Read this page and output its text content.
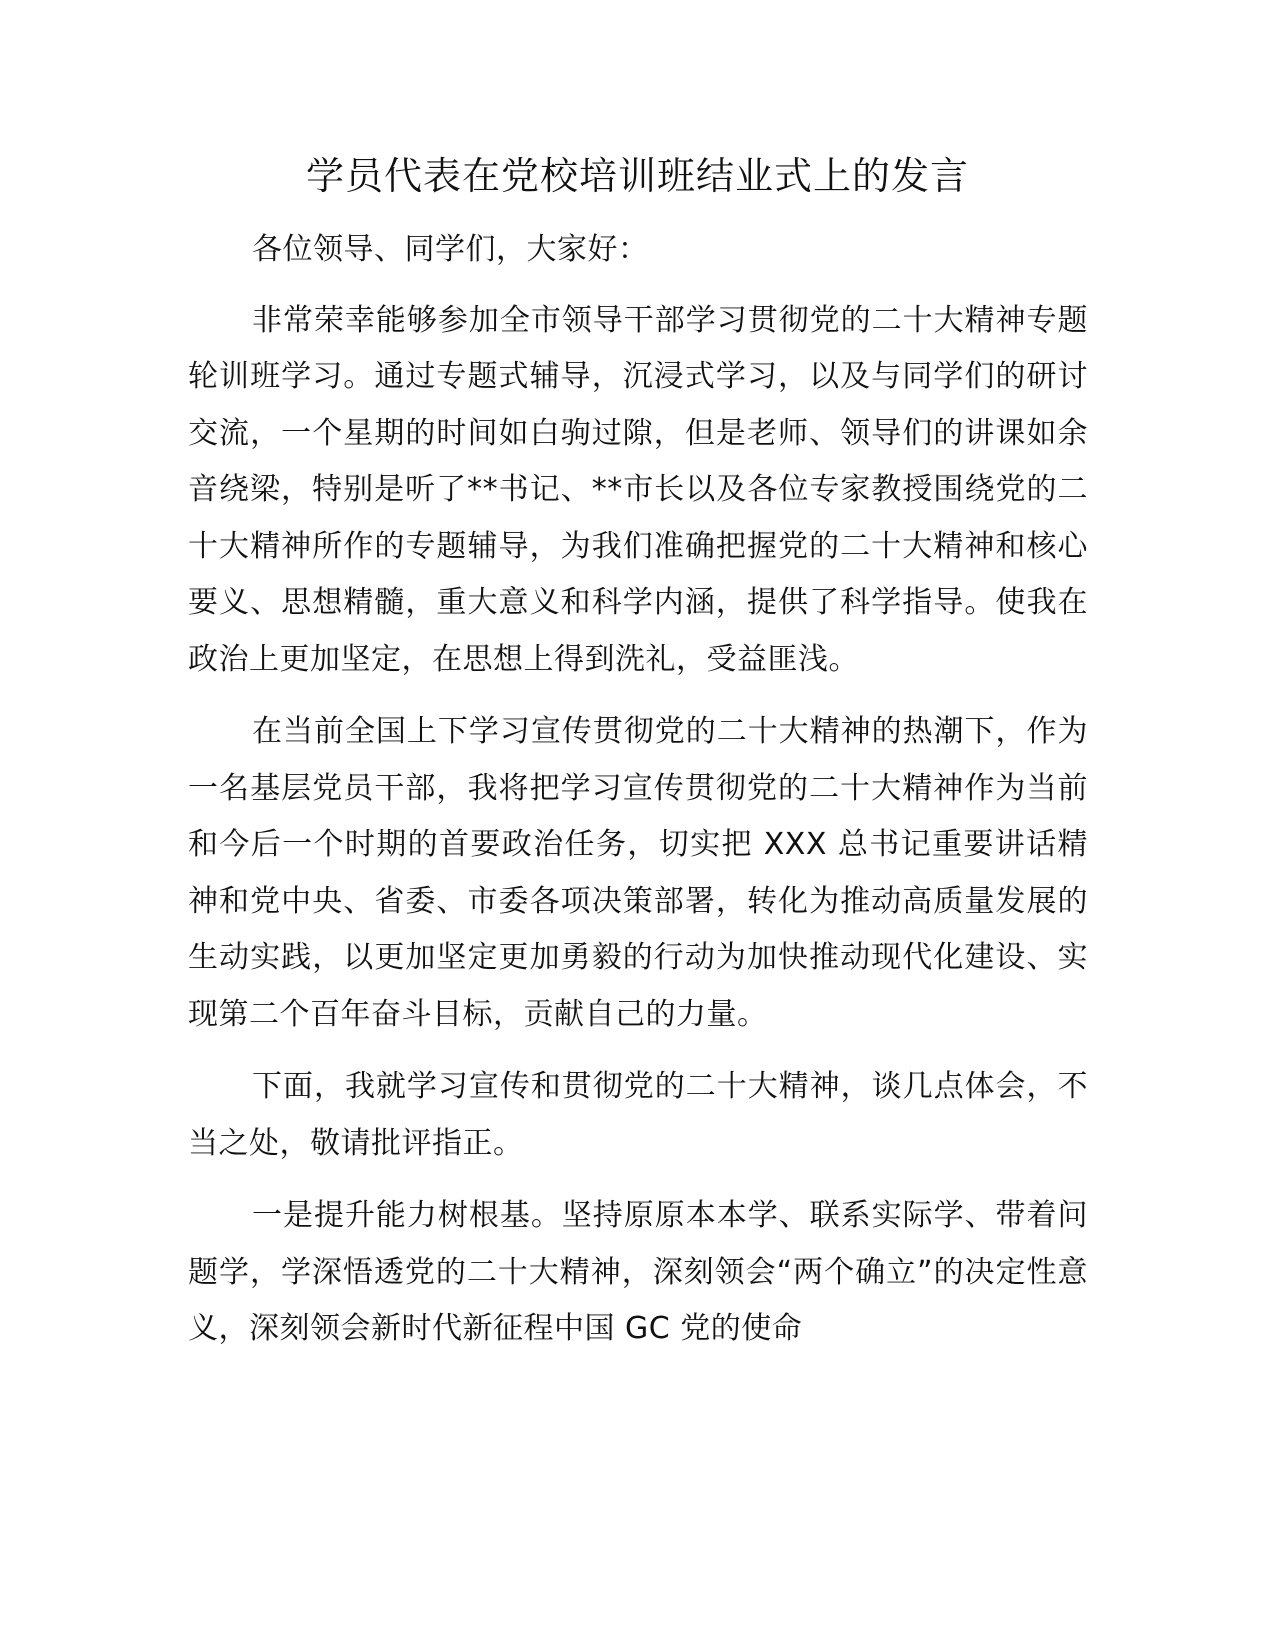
学员代表在党校培训班结业式上的发言

各位领导、同学们，大家好：

非常荣幸能够参加全市领导干部学习贯彻党的二十大精神专题轮训班学习。通过专题式辅导，沉浸式学习，以及与同学们的研讨交流，一个星期的时间如白驹过隙，但是老师、领导们的讲课如余音绕梁，特别是听了**书记、**市长以及各位专家教授围绕党的二十大精神所作的专题辅导，为我们准确把握党的二十大精神和核心要义、思想精髓，重大意义和科学内涵，提供了科学指导。使我在政治上更加坚定，在思想上得到洗礼，受益匪浅。

在当前全国上下学习宣传贯彻党的二十大精神的热潮下，作为一名基层党员干部，我将把学习宣传贯彻党的二十大精神作为当前和今后一个时期的首要政治任务，切实把 XXX 总书记重要讲话精神和党中央、省委、市委各项决策部署，转化为推动高质量发展的生动实践，以更加坚定更加勇毅的行动为加快推动现代化建设、实现第二个百年奋斗目标，贡献自己的力量。

下面，我就学习宣传和贯彻党的二十大精神，谈几点体会，不当之处，敬请批评指正。

一是提升能力树根基。坚持原原本本学、联系实际学、带着问题学，学深悟透党的二十大精神，深刻领会“两个确立”的决定性意义，深刻领会新时代新征程中国 GC 党的使命
